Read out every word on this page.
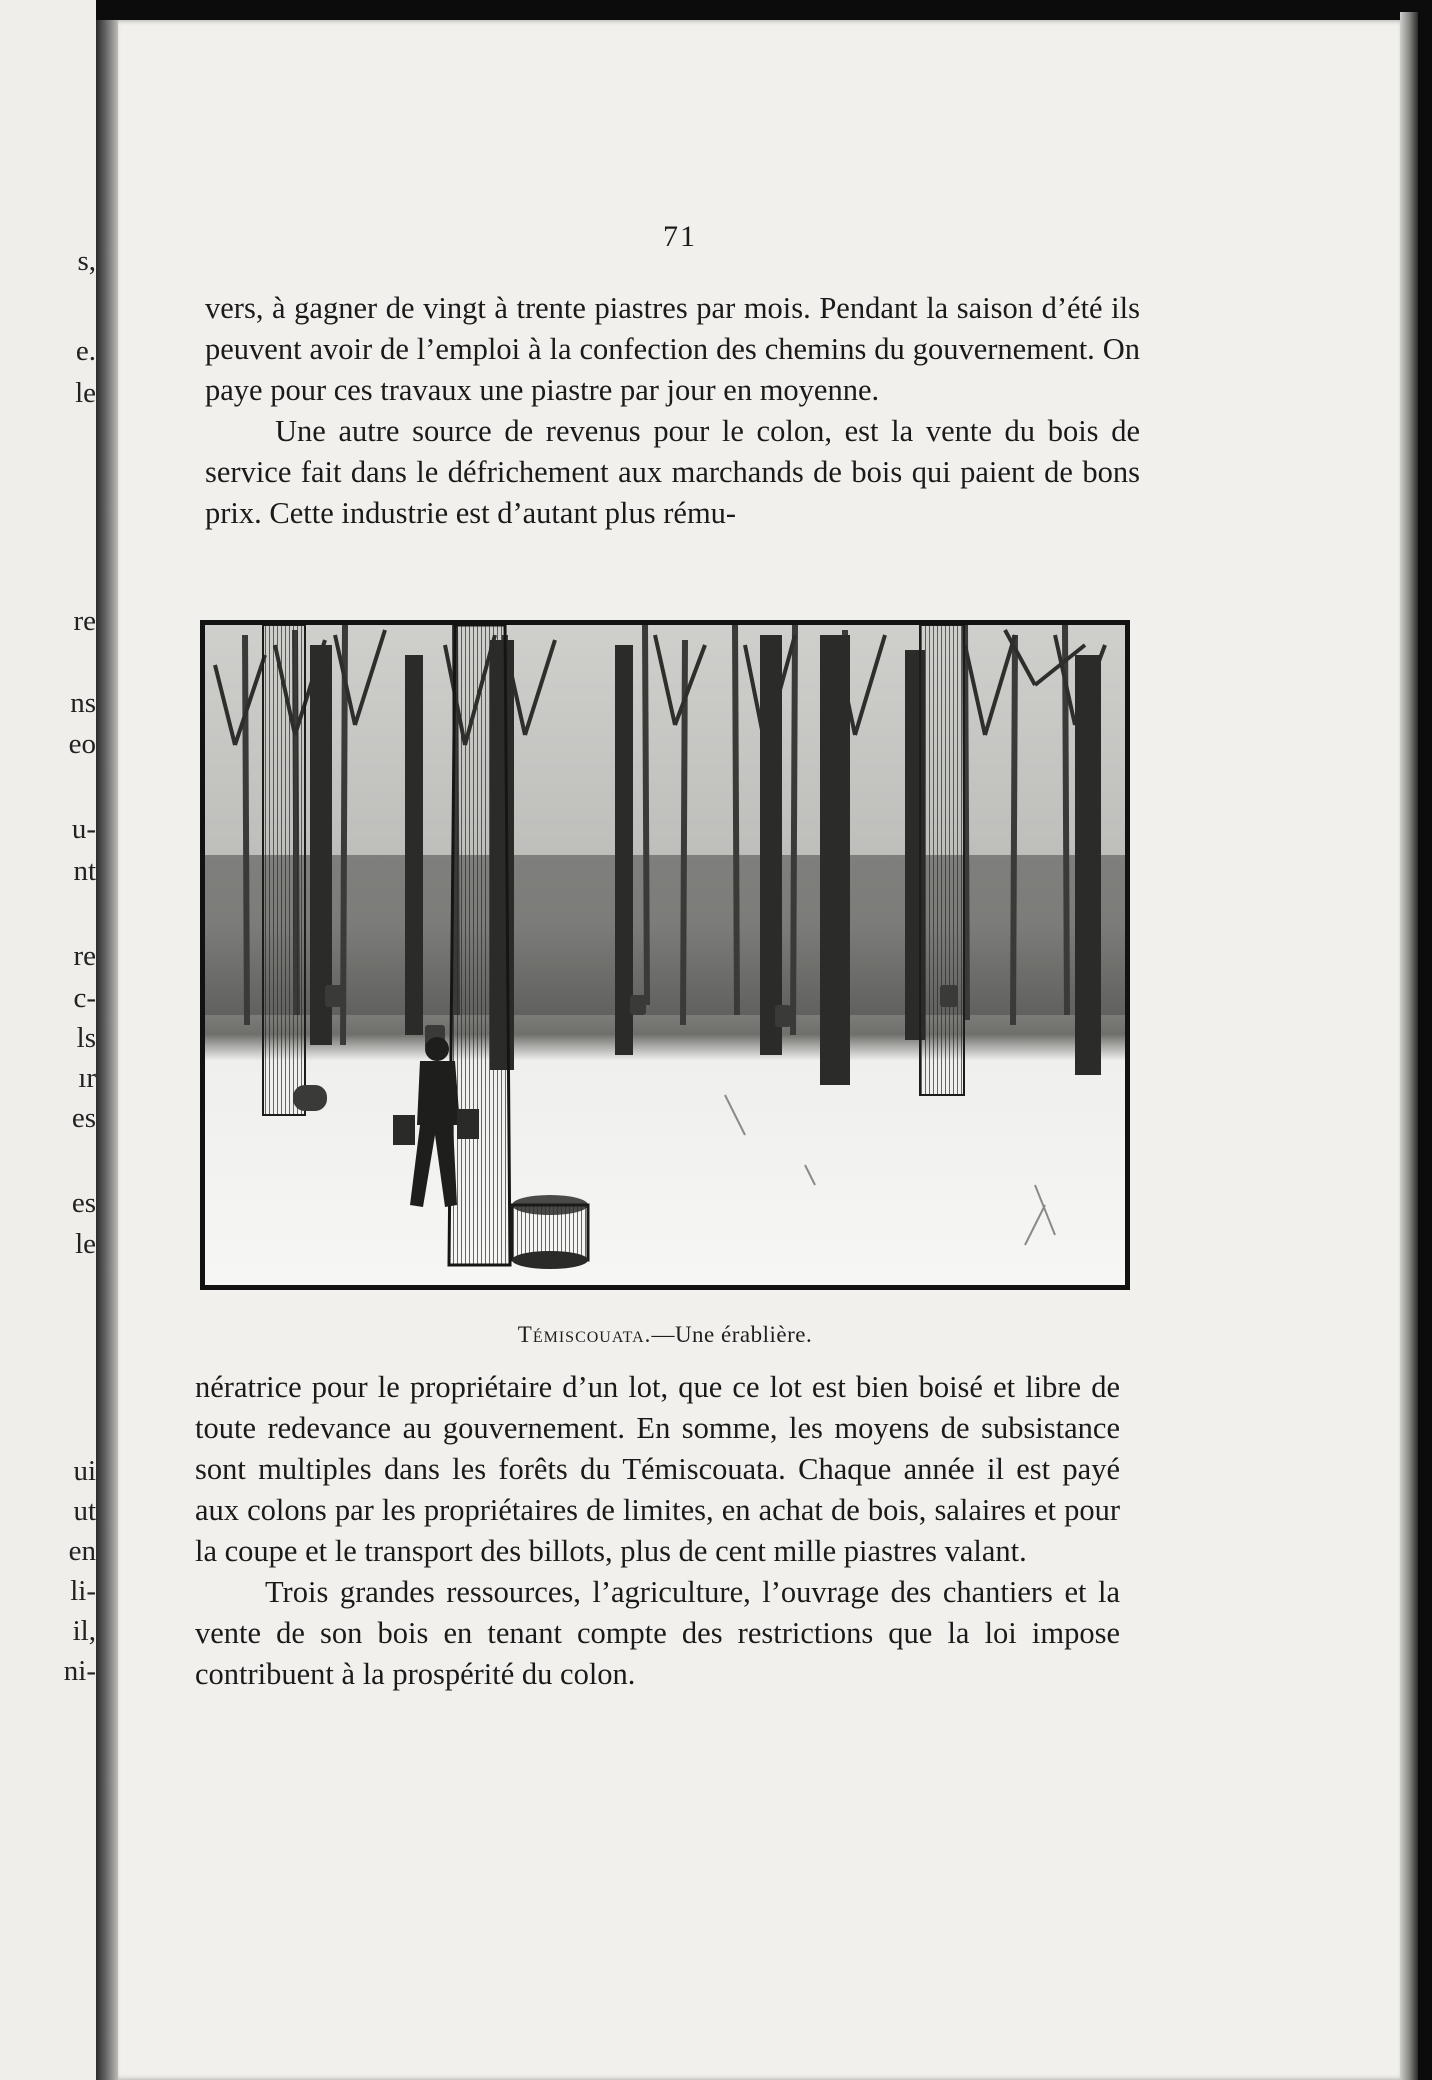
s,
e.
le
re
ns
eo
u-
nt
re
c-
ls
ır
es
es
le
ui
ut
en
li-
il,
ni-
71

vers, à gagner de vingt à trente piastres par mois. Pendant la saison d’été ils peuvent avoir de l’emploi à la confection des chemins du gouvernement. On paye pour ces travaux une piastre par jour en moyenne.

Une autre source de revenus pour le colon, est la vente du bois de service fait dans le défrichement aux marchands de bois qui paient de bons prix. Cette industrie est d’autant plus rému-

Témiscouata.—Une érablière.

nératrice pour le propriétaire d’un lot, que ce lot est bien boisé et libre de toute redevance au gouvernement. En somme, les moyens de subsistance sont multiples dans les forêts du Témiscouata. Chaque année il est payé aux colons par les propriétaires de limites, en achat de bois, salaires et pour la coupe et le transport des billots, plus de cent mille piastres valant.

Trois grandes ressources, l’agriculture, l’ouvrage des chantiers et la vente de son bois en tenant compte des restrictions que la loi impose contribuent à la prospérité du colon.
